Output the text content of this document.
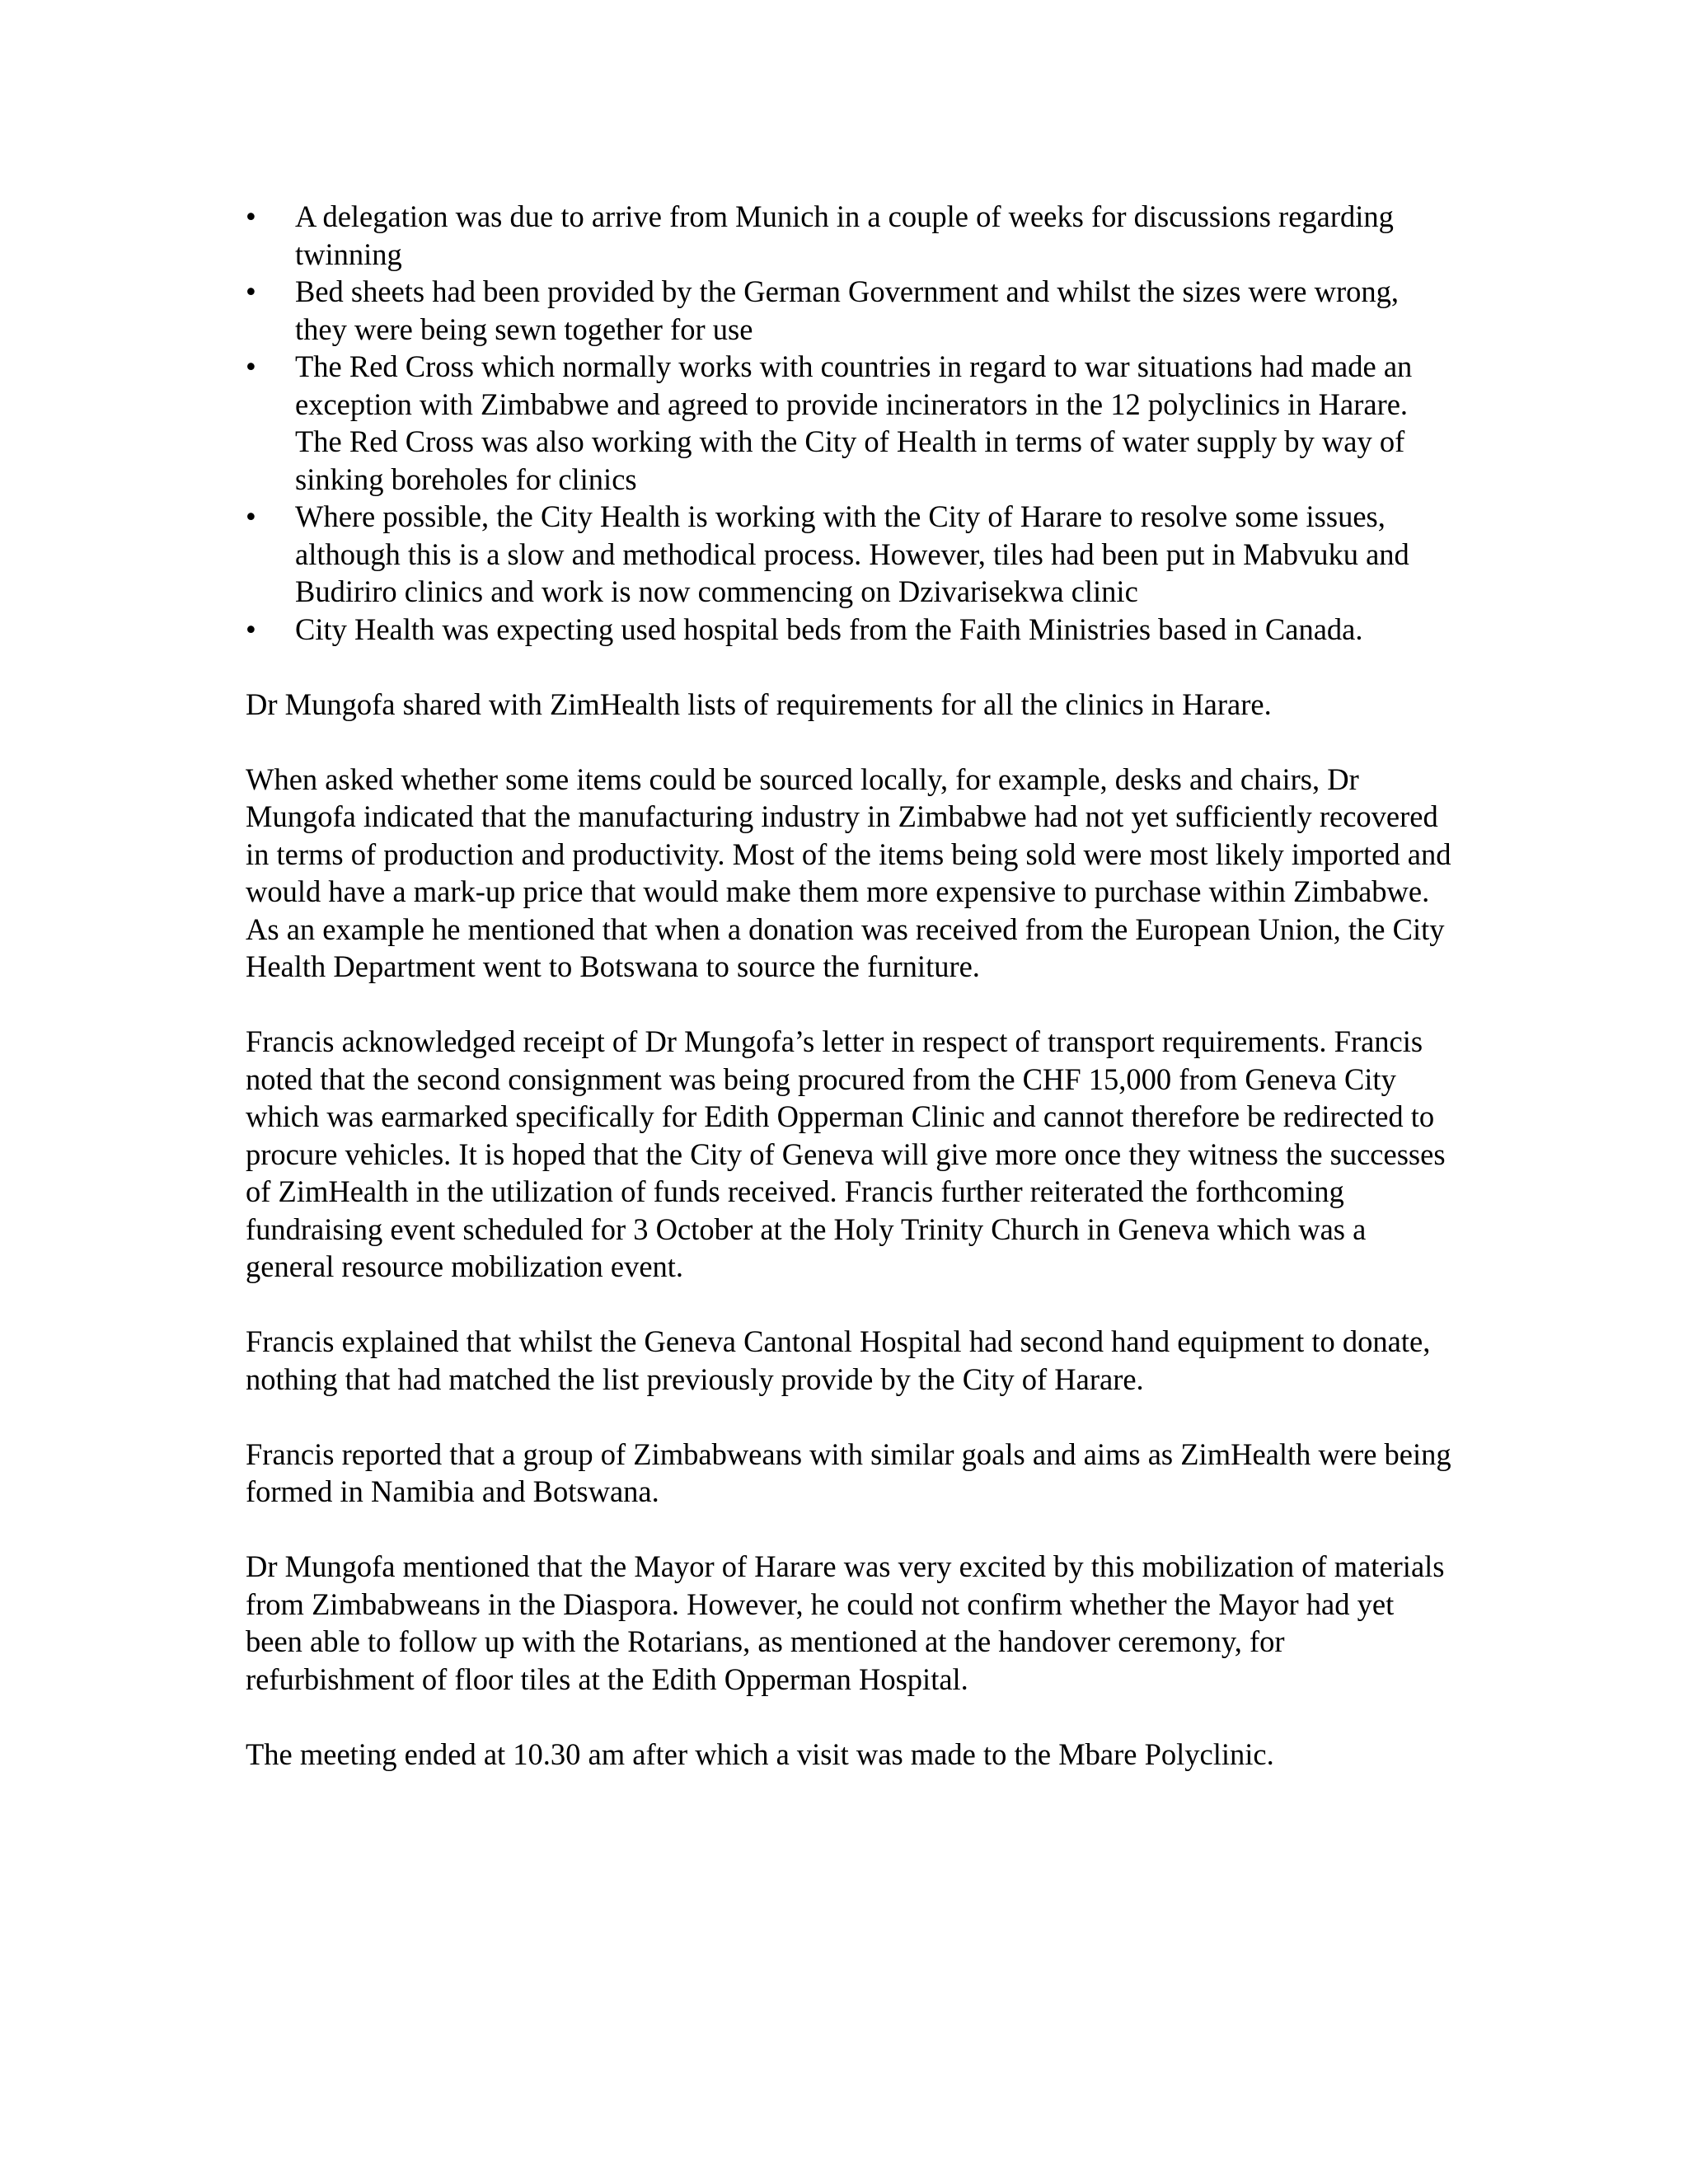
•	A delegation was due to arrive from Munich in a couple of weeks for discussions regarding twinning
•	Bed sheets had been provided by the German Government and whilst the sizes were wrong, they were being sewn together for use
•	The Red Cross which normally works with countries in regard to war situations had made an exception with Zimbabwe and agreed to provide incinerators in the 12 polyclinics in Harare. The Red Cross was also working with the City of Health in terms of water supply by way of sinking boreholes for clinics
•	Where possible, the City Health is working with the City of Harare to resolve some issues, although this is a slow and methodical process. However, tiles had been put in Mabvuku and Budiriro clinics and work is now commencing on Dzivarisekwa clinic
•	City Health was expecting used hospital beds from the Faith Ministries based in Canada.

Dr Mungofa shared with ZimHealth lists of requirements for all the clinics in Harare.

When asked whether some items could be sourced locally, for example, desks and chairs, Dr Mungofa indicated that the manufacturing industry in Zimbabwe had not yet sufficiently recovered in terms of production and productivity. Most of the items being sold were most likely imported and would have a mark-up price that would make them more expensive to purchase within Zimbabwe. As an example he mentioned that when a donation was received from the European Union, the City Health Department went to Botswana to source the furniture.

Francis acknowledged receipt of Dr Mungofa’s letter in respect of transport requirements. Francis noted that the second consignment was being procured from the CHF 15,000 from Geneva City which was earmarked specifically for Edith Opperman Clinic and cannot therefore be redirected to procure vehicles. It is hoped that the City of Geneva will give more once they witness the successes of ZimHealth in the utilization of funds received. Francis further reiterated the forthcoming fundraising event scheduled for 3 October at the Holy Trinity Church in Geneva which was a general resource mobilization event.

Francis explained that whilst the Geneva Cantonal Hospital had second hand equipment to donate, nothing that had matched the list previously provide by the City of Harare.

Francis reported that a group of Zimbabweans with similar goals and aims as ZimHealth were being formed in Namibia and Botswana.

Dr Mungofa mentioned that the Mayor of Harare was very excited by this mobilization of materials from Zimbabweans in the Diaspora. However, he could not confirm whether the Mayor had yet been able to follow up with the Rotarians, as mentioned at the handover ceremony, for refurbishment of floor tiles at the Edith Opperman Hospital.

The meeting ended at 10.30 am after which a visit was made to the Mbare Polyclinic.
